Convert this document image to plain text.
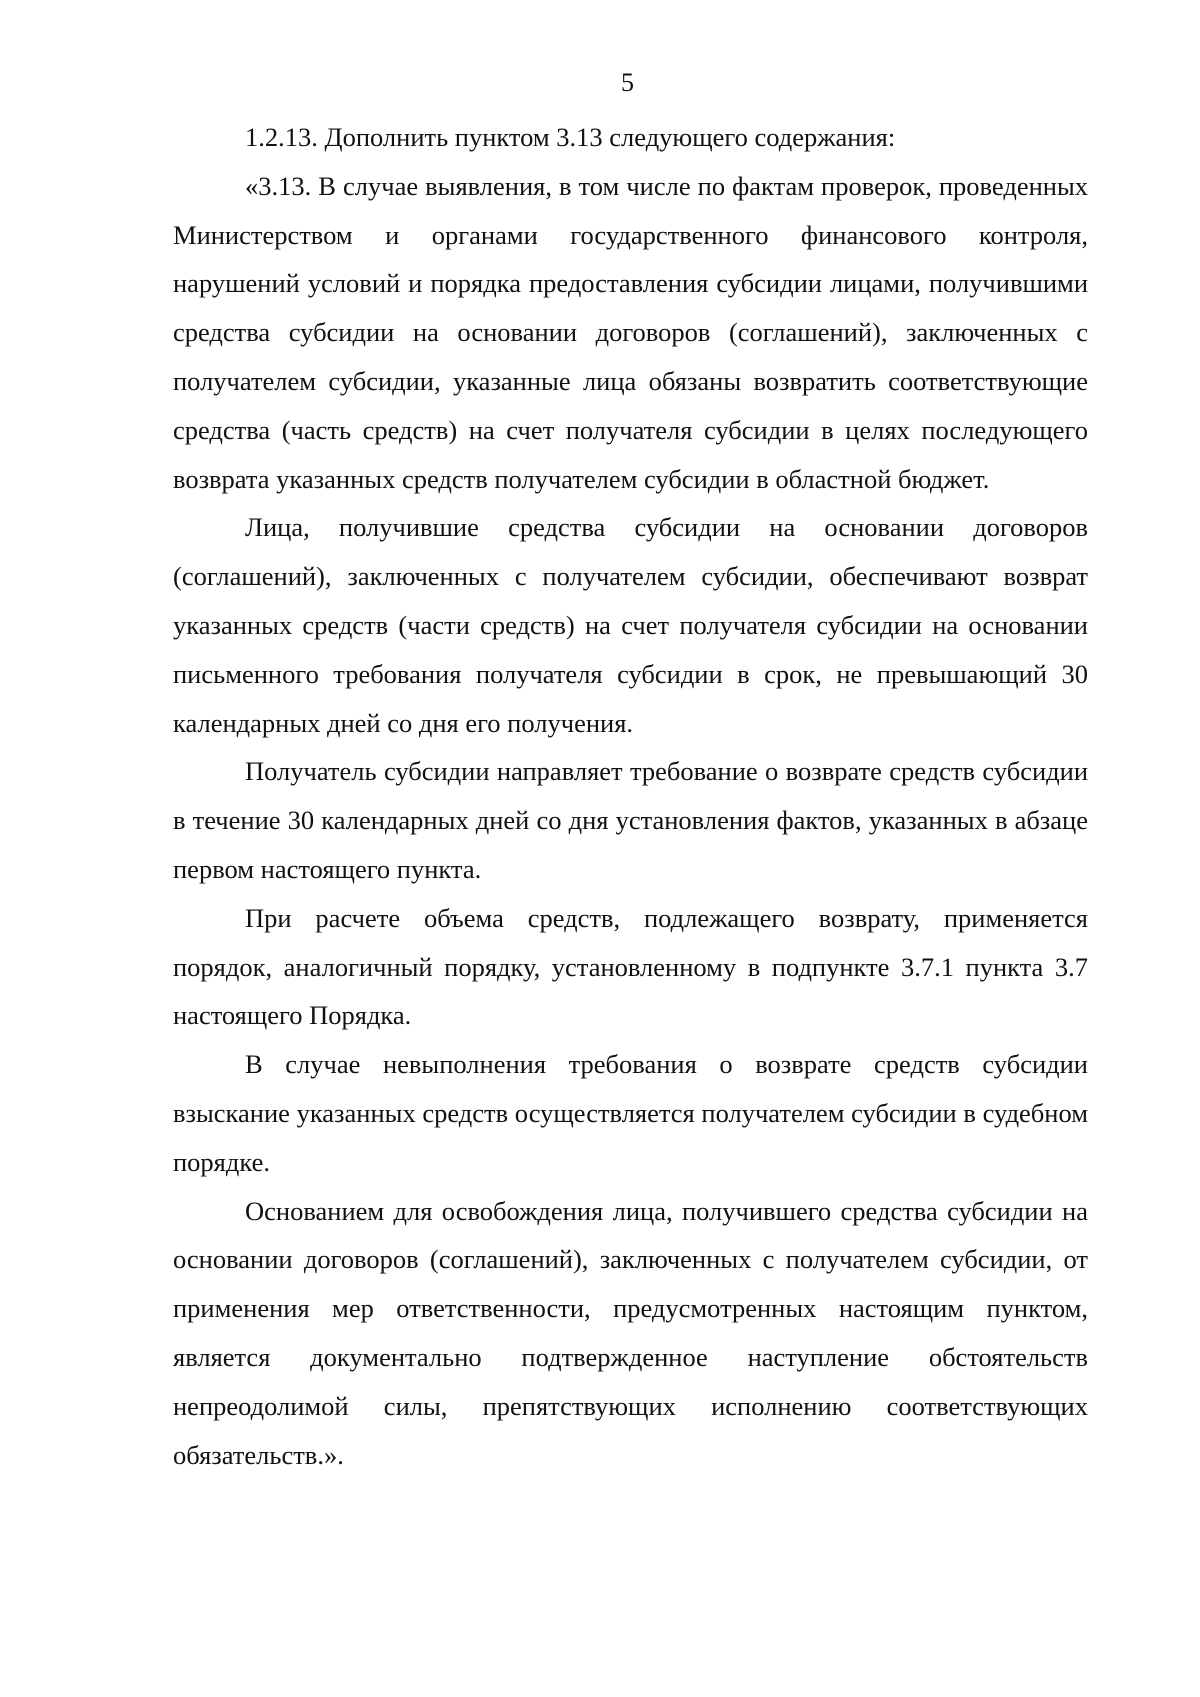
5

1.2.13. Дополнить пунктом 3.13 следующего содержания:

«3.13. В случае выявления, в том числе по фактам проверок, проведенных Министерством и органами государственного финансового контроля, нарушений условий и порядка предоставления субсидии лицами, получившими средства субсидии на основании договоров (соглашений), заключенных с получателем субсидии, указанные лица обязаны возвратить соответствующие средства (часть средств) на счет получателя субсидии в целях последующего возврата указанных средств получателем субсидии в областной бюджет.

Лица, получившие средства субсидии на основании договоров (соглашений), заключенных с получателем субсидии, обеспечивают возврат указанных средств (части средств) на счет получателя субсидии на основании письменного требования получателя субсидии в срок, не превышающий 30 календарных дней со дня его получения.

Получатель субсидии направляет требование о возврате средств субсидии в течение 30 календарных дней со дня установления фактов, указанных в абзаце первом настоящего пункта.

При расчете объема средств, подлежащего возврату, применяется порядок, аналогичный порядку, установленному в подпункте 3.7.1 пункта 3.7 настоящего Порядка.

В случае невыполнения требования о возврате средств субсидии взыскание указанных средств осуществляется получателем субсидии в судебном порядке.

Основанием для освобождения лица, получившего средства субсидии на основании договоров (соглашений), заключенных с получателем субсидии, от применения мер ответственности, предусмотренных настоящим пунктом, является документально подтвержденное наступление обстоятельств непреодолимой силы, препятствующих исполнению соответствующих обязательств.».
